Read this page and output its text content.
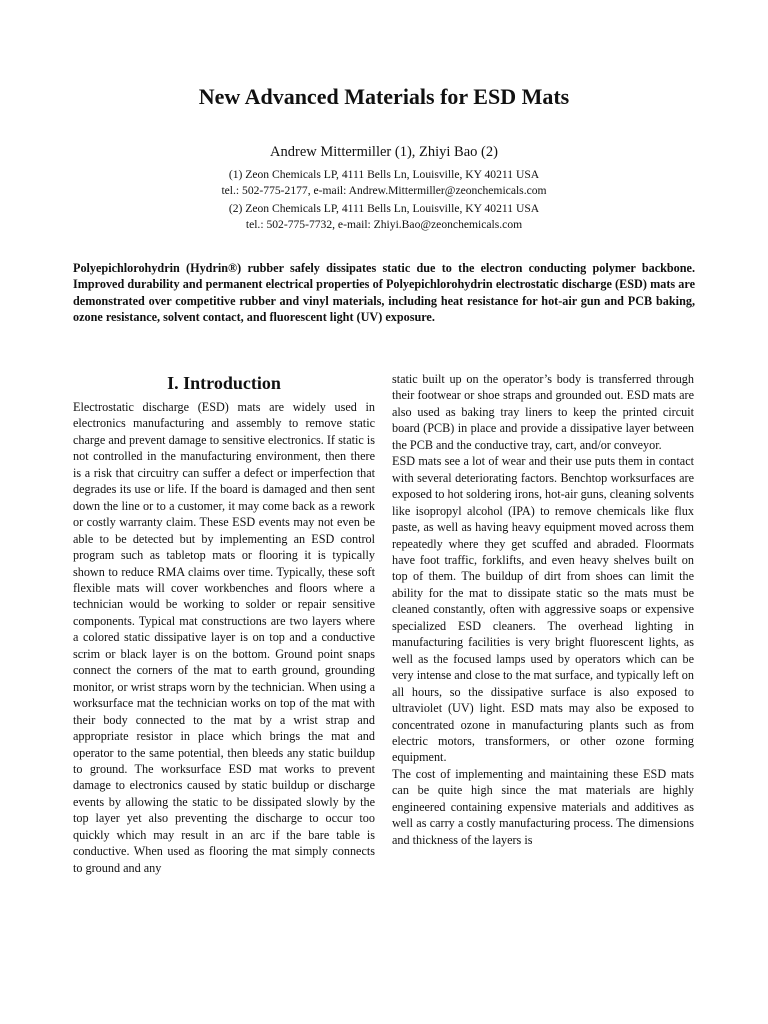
New Advanced Materials for ESD Mats

Andrew Mittermiller (1), Zhiyi Bao (2)

(1) Zeon Chemicals LP, 4111 Bells Ln, Louisville, KY 40211 USA
tel.: 502-775-2177, e-mail: Andrew.Mittermiller@zeonchemicals.com
(2) Zeon Chemicals LP, 4111 Bells Ln, Louisville, KY 40211 USA
tel.: 502-775-7732, e-mail: Zhiyi.Bao@zeonchemicals.com

Polyepichlorohydrin (Hydrin®) rubber safely dissipates static due to the electron conducting polymer backbone. Improved durability and permanent electrical properties of Polyepichlorohydrin electrostatic discharge (ESD) mats are demonstrated over competitive rubber and vinyl materials, including heat resistance for hot-air gun and PCB baking, ozone resistance, solvent contact, and fluorescent light (UV) exposure.

I. Introduction

Electrostatic discharge (ESD) mats are widely used in electronics manufacturing and assembly to remove static charge and prevent damage to sensitive electronics. If static is not controlled in the manufacturing environment, then there is a risk that circuitry can suffer a defect or imperfection that degrades its use or life. If the board is damaged and then sent down the line or to a customer, it may come back as a rework or costly warranty claim. These ESD events may not even be able to be detected but by implementing an ESD control program such as tabletop mats or flooring it is typically shown to reduce RMA claims over time. Typically, these soft flexible mats will cover workbenches and floors where a technician would be working to solder or repair sensitive components. Typical mat constructions are two layers where a colored static dissipative layer is on top and a conductive scrim or black layer is on the bottom. Ground point snaps connect the corners of the mat to earth ground, grounding monitor, or wrist straps worn by the technician. When using a worksurface mat the technician works on top of the mat with their body connected to the mat by a wrist strap and appropriate resistor in place which brings the mat and operator to the same potential, then bleeds any static buildup to ground. The worksurface ESD mat works to prevent damage to electronics caused by static buildup or discharge events by allowing the static to be dissipated slowly by the top layer yet also preventing the discharge to occur too quickly which may result in an arc if the bare table is conductive. When used as flooring the mat simply connects to ground and any

static built up on the operator’s body is transferred through their footwear or shoe straps and grounded out. ESD mats are also used as baking tray liners to keep the printed circuit board (PCB) in place and provide a dissipative layer between the PCB and the conductive tray, cart, and/or conveyor.

ESD mats see a lot of wear and their use puts them in contact with several deteriorating factors. Benchtop worksurfaces are exposed to hot soldering irons, hot-air guns, cleaning solvents like isopropyl alcohol (IPA) to remove chemicals like flux paste, as well as having heavy equipment moved across them repeatedly where they get scuffed and abraded. Floormats have foot traffic, forklifts, and even heavy shelves built on top of them. The buildup of dirt from shoes can limit the ability for the mat to dissipate static so the mats must be cleaned constantly, often with aggressive soaps or expensive specialized ESD cleaners. The overhead lighting in manufacturing facilities is very bright fluorescent lights, as well as the focused lamps used by operators which can be very intense and close to the mat surface, and typically left on all hours, so the dissipative surface is also exposed to ultraviolet (UV) light. ESD mats may also be exposed to concentrated ozone in manufacturing plants such as from electric motors, transformers, or other ozone forming equipment.

The cost of implementing and maintaining these ESD mats can be quite high since the mat materials are highly engineered containing expensive materials and additives as well as carry a costly manufacturing process. The dimensions and thickness of the layers is
